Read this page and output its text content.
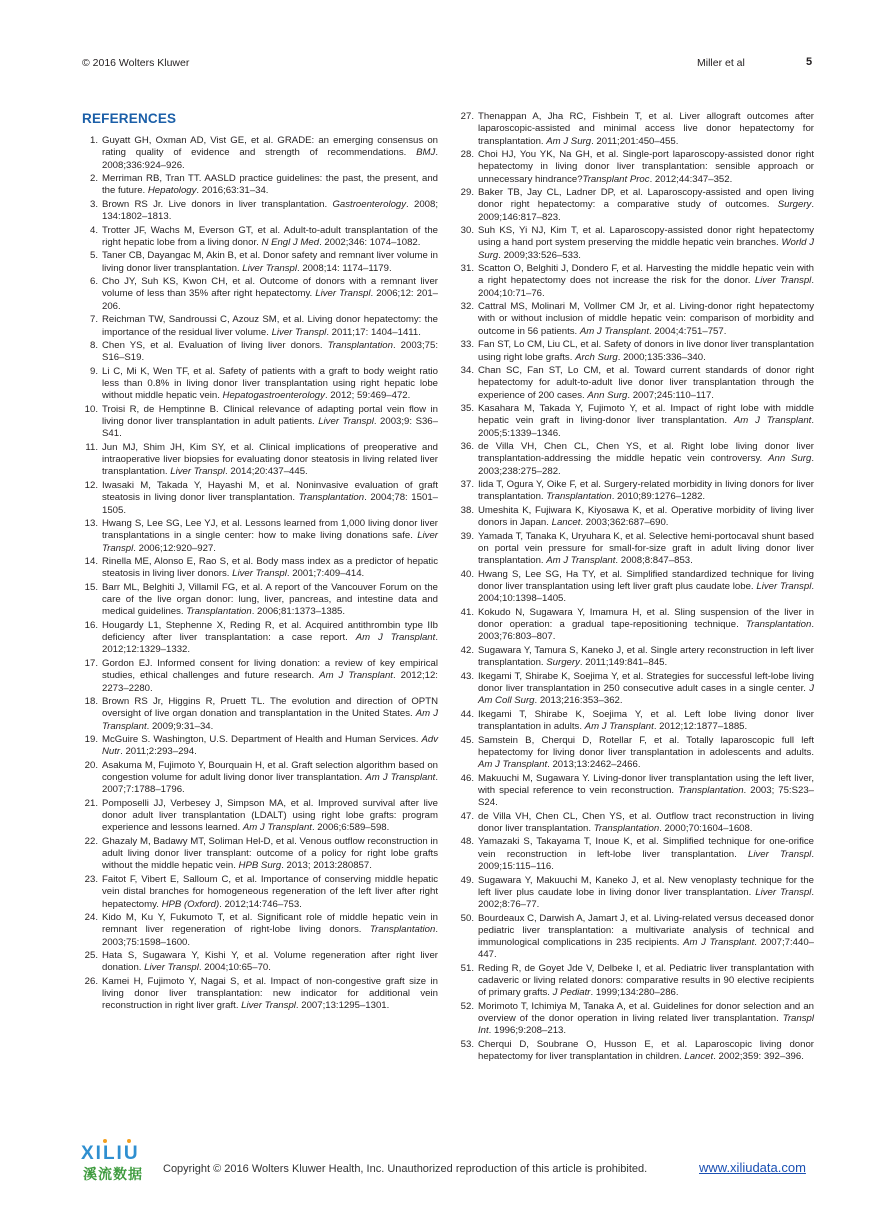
© 2016 Wolters Kluwer	Miller et al	5
REFERENCES
1. Guyatt GH, Oxman AD, Vist GE, et al. GRADE: an emerging consensus on rating quality of evidence and strength of recommendations. BMJ. 2008;336:924–926.
2. Merriman RB, Tran TT. AASLD practice guidelines: the past, the present, and the future. Hepatology. 2016;63:31–34.
3. Brown RS Jr. Live donors in liver transplantation. Gastroenterology. 2008; 134:1802–1813.
4. Trotter JF, Wachs M, Everson GT, et al. Adult-to-adult transplantation of the right hepatic lobe from a living donor. N Engl J Med. 2002;346: 1074–1082.
5. Taner CB, Dayangac M, Akin B, et al. Donor safety and remnant liver volume in living donor liver transplantation. Liver Transpl. 2008;14: 1174–1179.
6. Cho JY, Suh KS, Kwon CH, et al. Outcome of donors with a remnant liver volume of less than 35% after right hepatectomy. Liver Transpl. 2006;12: 201–206.
7. Reichman TW, Sandroussi C, Azouz SM, et al. Living donor hepatectomy: the importance of the residual liver volume. Liver Transpl. 2011;17: 1404–1411.
8. Chen YS, et al. Evaluation of living liver donors. Transplantation. 2003;75: S16–S19.
9. Li C, Mi K, Wen TF, et al. Safety of patients with a graft to body weight ratio less than 0.8% in living donor liver transplantation using right hepatic lobe without middle hepatic vein. Hepatogastroenterology. 2012; 59:469–472.
10. Troisi R, de Hemptinne B. Clinical relevance of adapting portal vein flow in living donor liver transplantation in adult patients. Liver Transpl. 2003;9: S36–S41.
11. Jun MJ, Shim JH, Kim SY, et al. Clinical implications of preoperative and intraoperative liver biopsies for evaluating donor steatosis in living related liver transplantation. Liver Transpl. 2014;20:437–445.
12. Iwasaki M, Takada Y, Hayashi M, et al. Noninvasive evaluation of graft steatosis in living donor liver transplantation. Transplantation. 2004;78: 1501–1505.
13. Hwang S, Lee SG, Lee YJ, et al. Lessons learned from 1,000 living donor liver transplantations in a single center: how to make living donations safe. Liver Transpl. 2006;12:920–927.
14. Rinella ME, Alonso E, Rao S, et al. Body mass index as a predictor of hepatic steatosis in living liver donors. Liver Transpl. 2001;7:409–414.
15. Barr ML, Belghiti J, Villamil FG, et al. A report of the Vancouver Forum on the care of the live organ donor: lung, liver, pancreas, and intestine data and medical guidelines. Transplantation. 2006;81:1373–1385.
16. Hougardy L1, Stephenne X, Reding R, et al. Acquired antithrombin type IIb deficiency after liver transplantation: a case report. Am J Transplant. 2012;12:1329–1332.
17. Gordon EJ. Informed consent for living donation: a review of key empirical studies, ethical challenges and future research. Am J Transplant. 2012;12: 2273–2280.
18. Brown RS Jr, Higgins R, Pruett TL. The evolution and direction of OPTN oversight of live organ donation and transplantation in the United States. Am J Transplant. 2009;9:31–34.
19. McGuire S. Washington, U.S. Department of Health and Human Services. Adv Nutr. 2011;2:293–294.
20. Asakuma M, Fujimoto Y, Bourquain H, et al. Graft selection algorithm based on congestion volume for adult living donor liver transplantation. Am J Transplant. 2007;7:1788–1796.
21. Pomposelli JJ, Verbesey J, Simpson MA, et al. Improved survival after live donor adult liver transplantation (LDALT) using right lobe grafts: program experience and lessons learned. Am J Transplant. 2006;6:589–598.
22. Ghazaly M, Badawy MT, Soliman Hel-D, et al. Venous outflow reconstruction in adult living donor liver transplant: outcome of a policy for right lobe grafts without the middle hepatic vein. HPB Surg. 2013; 2013:280857.
23. Faitot F, Vibert E, Salloum C, et al. Importance of conserving middle hepatic vein distal branches for homogeneous regeneration of the left liver after right hepatectomy. HPB (Oxford). 2012;14:746–753.
24. Kido M, Ku Y, Fukumoto T, et al. Significant role of middle hepatic vein in remnant liver regeneration of right-lobe living donors. Transplantation. 2003;75:1598–1600.
25. Hata S, Sugawara Y, Kishi Y, et al. Volume regeneration after right liver donation. Liver Transpl. 2004;10:65–70.
26. Kamei H, Fujimoto Y, Nagai S, et al. Impact of non-congestive graft size in living donor liver transplantation: new indicator for additional vein reconstruction in right liver graft. Liver Transpl. 2007;13:1295–1301.
27. Thenappan A, Jha RC, Fishbein T, et al. Liver allograft outcomes after laparoscopic-assisted and minimal access live donor hepatectomy for transplantation. Am J Surg. 2011;201:450–455.
28. Choi HJ, You YK, Na GH, et al. Single-port laparoscopy-assisted donor right hepatectomy in living donor liver transplantation: sensible approach or unnecessary hindrance?Transplant Proc. 2012;44:347–352.
29. Baker TB, Jay CL, Ladner DP, et al. Laparoscopy-assisted and open living donor right hepatectomy: a comparative study of outcomes. Surgery. 2009;146:817–823.
30. Suh KS, Yi NJ, Kim T, et al. Laparoscopy-assisted donor right hepatectomy using a hand port system preserving the middle hepatic vein branches. World J Surg. 2009;33:526–533.
31. Scatton O, Belghiti J, Dondero F, et al. Harvesting the middle hepatic vein with a right hepatectomy does not increase the risk for the donor. Liver Transpl. 2004;10:71–76.
32. Cattral MS, Molinari M, Vollmer CM Jr, et al. Living-donor right hepatectomy with or without inclusion of middle hepatic vein: comparison of morbidity and outcome in 56 patients. Am J Transplant. 2004;4:751–757.
33. Fan ST, Lo CM, Liu CL, et al. Safety of donors in live donor liver transplantation using right lobe grafts. Arch Surg. 2000;135:336–340.
34. Chan SC, Fan ST, Lo CM, et al. Toward current standards of donor right hepatectomy for adult-to-adult live donor liver transplantation through the experience of 200 cases. Ann Surg. 2007;245:110–117.
35. Kasahara M, Takada Y, Fujimoto Y, et al. Impact of right lobe with middle hepatic vein graft in living-donor liver transplantation. Am J Transplant. 2005;5:1339–1346.
36. de Villa VH, Chen CL, Chen YS, et al. Right lobe living donor liver transplantation-addressing the middle hepatic vein controversy. Ann Surg. 2003;238:275–282.
37. Iida T, Ogura Y, Oike F, et al. Surgery-related morbidity in living donors for liver transplantation. Transplantation. 2010;89:1276–1282.
38. Umeshita K, Fujiwara K, Kiyosawa K, et al. Operative morbidity of living liver donors in Japan. Lancet. 2003;362:687–690.
39. Yamada T, Tanaka K, Uryuhara K, et al. Selective hemi-portocaval shunt based on portal vein pressure for small-for-size graft in adult living donor liver transplantation. Am J Transplant. 2008;8:847–853.
40. Hwang S, Lee SG, Ha TY, et al. Simplified standardized technique for living donor liver transplantation using left liver graft plus caudate lobe. Liver Transpl. 2004;10:1398–1405.
41. Kokudo N, Sugawara Y, Imamura H, et al. Sling suspension of the liver in donor operation: a gradual tape-repositioning technique. Transplantation. 2003;76:803–807.
42. Sugawara Y, Tamura S, Kaneko J, et al. Single artery reconstruction in left liver transplantation. Surgery. 2011;149:841–845.
43. Ikegami T, Shirabe K, Soejima Y, et al. Strategies for successful left-lobe living donor liver transplantation in 250 consecutive adult cases in a single center. J Am Coll Surg. 2013;216:353–362.
44. Ikegami T, Shirabe K, Soejima Y, et al. Left lobe living donor liver transplantation in adults. Am J Transplant. 2012;12:1877–1885.
45. Samstein B, Cherqui D, Rotellar F, et al. Totally laparoscopic full left hepatectomy for living donor liver transplantation in adolescents and adults. Am J Transplant. 2013;13:2462–2466.
46. Makuuchi M, Sugawara Y. Living-donor liver transplantation using the left liver, with special reference to vein reconstruction. Transplantation. 2003; 75:S23–S24.
47. de Villa VH, Chen CL, Chen YS, et al. Outflow tract reconstruction in living donor liver transplantation. Transplantation. 2000;70:1604–1608.
48. Yamazaki S, Takayama T, Inoue K, et al. Simplified technique for one-orifice vein reconstruction in left-lobe liver transplantation. Liver Transpl. 2009;15:115–116.
49. Sugawara Y, Makuuchi M, Kaneko J, et al. New venoplasty technique for the left liver plus caudate lobe in living donor liver transplantation. Liver Transpl. 2002;8:76–77.
50. Bourdeaux C, Darwish A, Jamart J, et al. Living-related versus deceased donor pediatric liver transplantation: a multivariate analysis of technical and immunological complications in 235 recipients. Am J Transplant. 2007;7:440–447.
51. Reding R, de Goyet Jde V, Delbeke I, et al. Pediatric liver transplantation with cadaveric or living related donors: comparative results in 90 elective recipients of primary grafts. J Pediatr. 1999;134:280–286.
52. Morimoto T, Ichimiya M, Tanaka A, et al. Guidelines for donor selection and an overview of the donor operation in living related liver transplantation. Transpl Int. 1996;9:208–213.
53. Cherqui D, Soubrane O, Husson E, et al. Laparoscopic living donor hepatectomy for liver transplantation in children. Lancet. 2002;359: 392–396.
XILIU
溪流数据 Copyright © 2016 Wolters Kluwer Health, Inc. Unauthorized reproduction of this article is prohibited.	www.xiliudata.com
